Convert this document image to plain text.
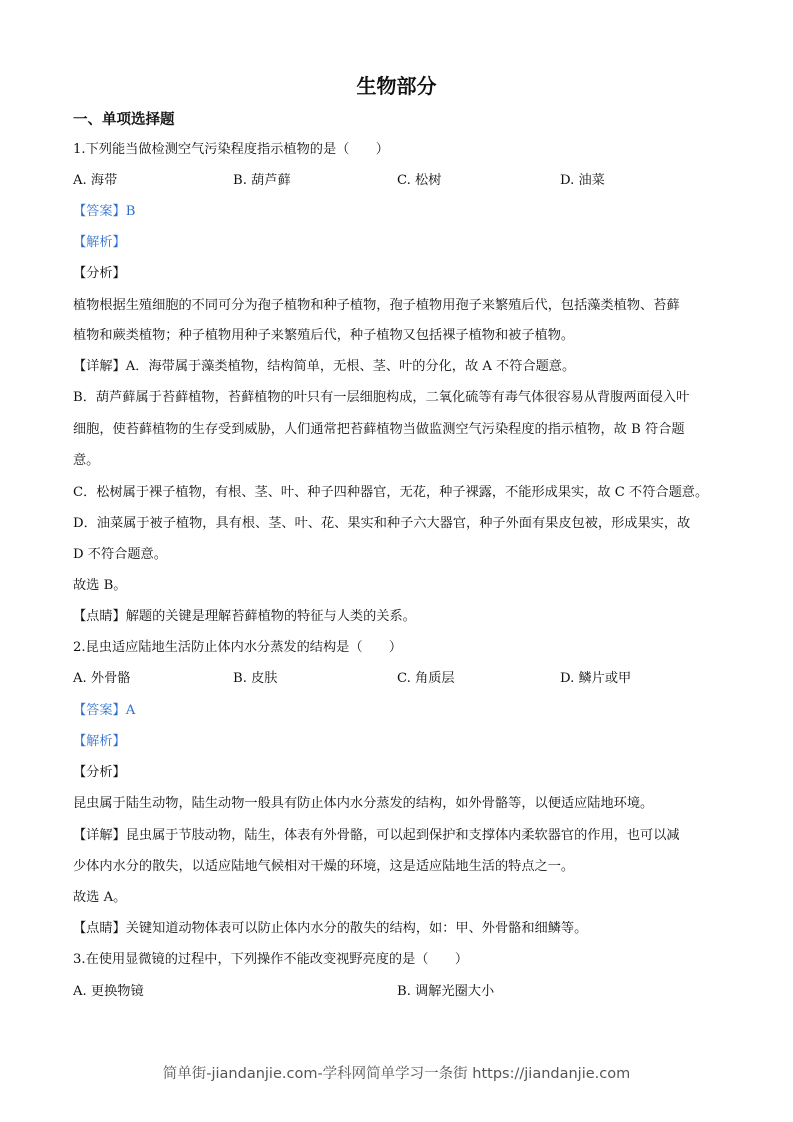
生物部分
一、单项选择题
1.下列能当做检测空气污染程度指示植物的是（　　）
A. 海带	B. 葫芦藓	C. 松树	D. 油菜
【答案】B
【解析】
【分析】
植物根据生殖细胞的不同可分为孢子植物和种子植物，孢子植物用孢子来繁殖后代，包括藻类植物、苔藓
植物和蕨类植物；种子植物用种子来繁殖后代，种子植物又包括裸子植物和被子植物。
【详解】A．海带属于藻类植物，结构简单，无根、茎、叶的分化，故 A 不符合题意。
B．葫芦藓属于苔藓植物，苔藓植物的叶只有一层细胞构成，二氧化硫等有毒气体很容易从背腹两面侵入叶
细胞，使苔藓植物的生存受到威胁，人们通常把苔藓植物当做监测空气污染程度的指示植物，故 B 符合题
意。
C．松树属于裸子植物，有根、茎、叶、种子四种器官，无花，种子裸露，不能形成果实，故 C 不符合题意。
D．油菜属于被子植物，具有根、茎、叶、花、果实和种子六大器官，种子外面有果皮包被，形成果实，故
D 不符合题意。
故选 B。
【点睛】解题的关键是理解苔藓植物的特征与人类的关系。
2.昆虫适应陆地生活防止体内水分蒸发的结构是（　　）
A. 外骨骼	B. 皮肤	C. 角质层	D. 鳞片或甲
【答案】A
【解析】
【分析】
昆虫属于陆生动物，陆生动物一般具有防止体内水分蒸发的结构，如外骨骼等，以便适应陆地环境。
【详解】昆虫属于节肢动物，陆生，体表有外骨骼，可以起到保护和支撑体内柔软器官的作用，也可以减
少体内水分的散失，以适应陆地气候相对干燥的环境，这是适应陆地生活的特点之一。
故选 A。
【点睛】关键知道动物体表可以防止体内水分的散失的结构，如：甲、外骨骼和细鳞等。
3.在使用显微镜的过程中，下列操作不能改变视野亮度的是（　　）
A. 更换物镜	B. 调解光圈大小
简单街-jiandanjie.com-学科网简单学习一条街 https://jiandanjie.com
